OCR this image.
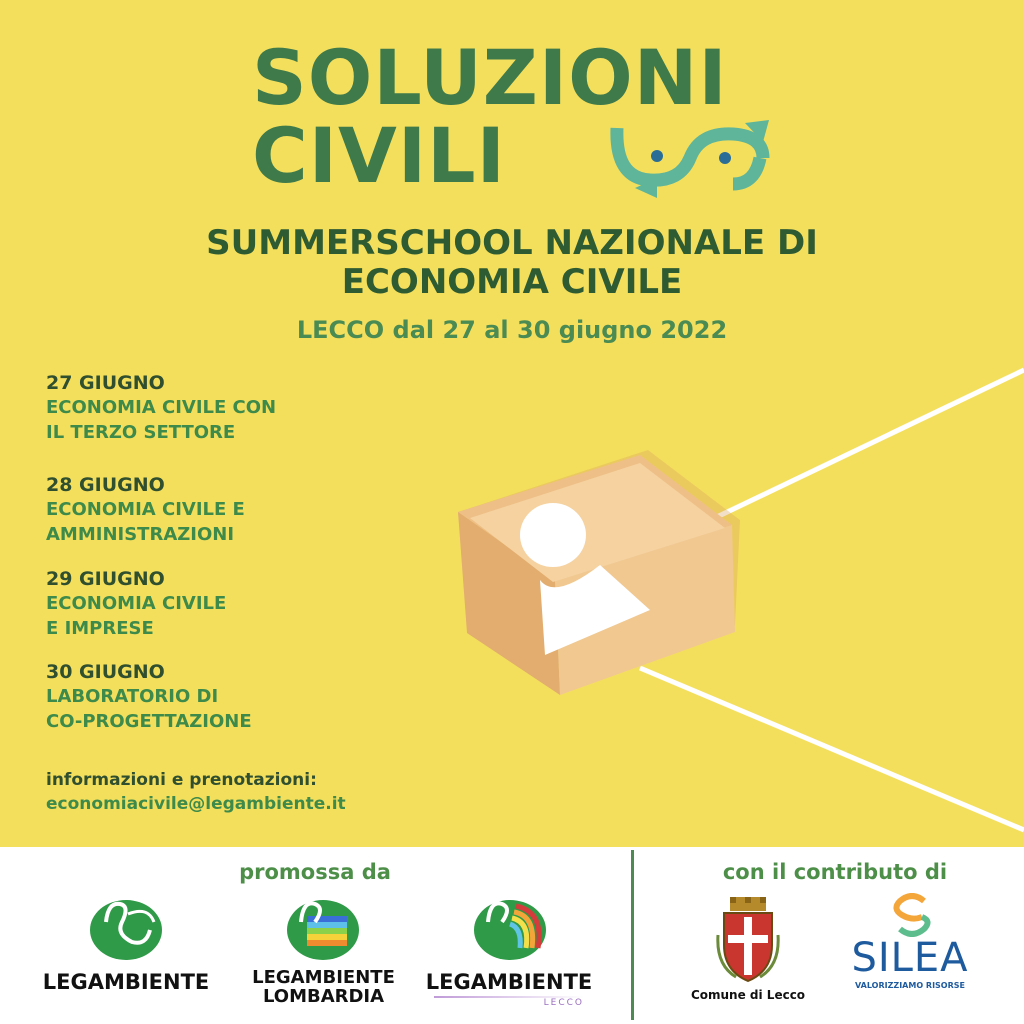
SOLUZIONI
CIVILI
SUMMERSCHOOL NAZIONALE DI
ECONOMIA CIVILE
LECCO dal 27 al 30 giugno 2022
27 GIUGNO
ECONOMIA CIVILE CON
IL TERZO SETTORE
28 GIUGNO
ECONOMIA CIVILE E
AMMINISTRAZIONI
29 GIUGNO
ECONOMIA CIVILE
E IMPRESE
30 GIUGNO
LABORATORIO DI
CO-PROGETTAZIONE
informazioni e prenotazioni:
economiacivile@legambiente.it
promossa da	con il contributo di
LEGAMBIENTE	LEGAMBIENTE
LOMBARDIA
LEGAMBIENTE
LECCO
Comune di Lecco
SILEA
VALORIZZIAMO RISORSE
